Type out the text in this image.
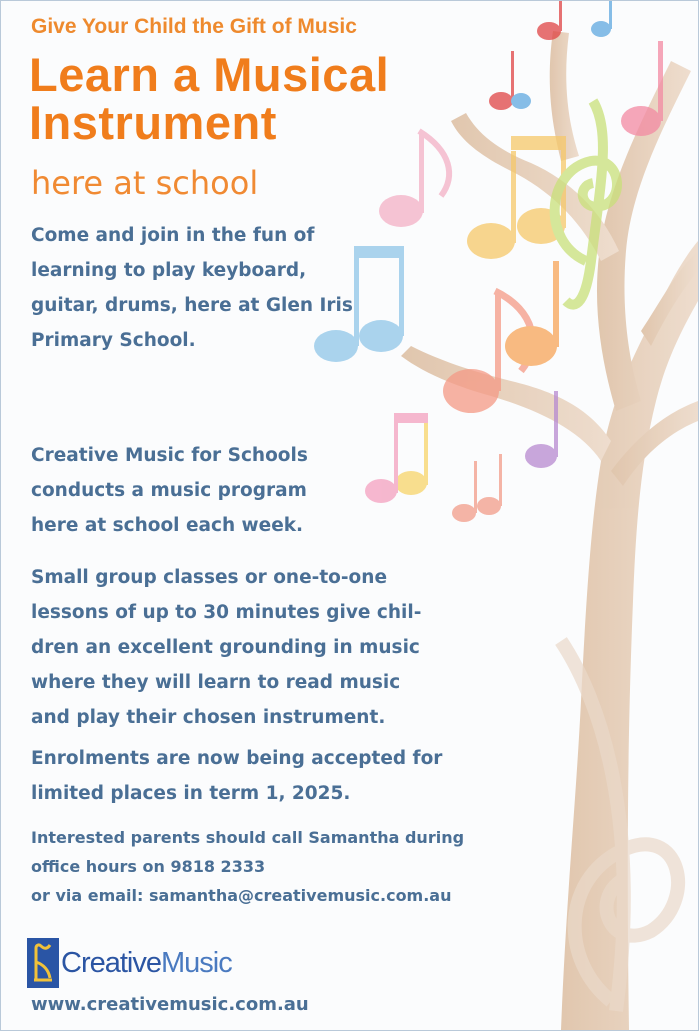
Give Your Child the Gift of Music
Learn a Musical
Instrument
here at school
Come and join in the fun of
learning to play keyboard,
guitar, drums, here at Glen Iris
Primary School.
Creative Music for Schools
conducts a music program
here at school each week.
Small group classes or one-to-one
lessons of up to 30 minutes give chil-
dren an excellent grounding in music
where they will learn to read music
and play their chosen instrument.
Enrolments are now being accepted for
limited places in term 1, 2025.
Interested parents should call Samantha during
office hours on 9818 2333
or via email: samantha@creativemusic.com.au
Creative Music
www.creativemusic.com.au
